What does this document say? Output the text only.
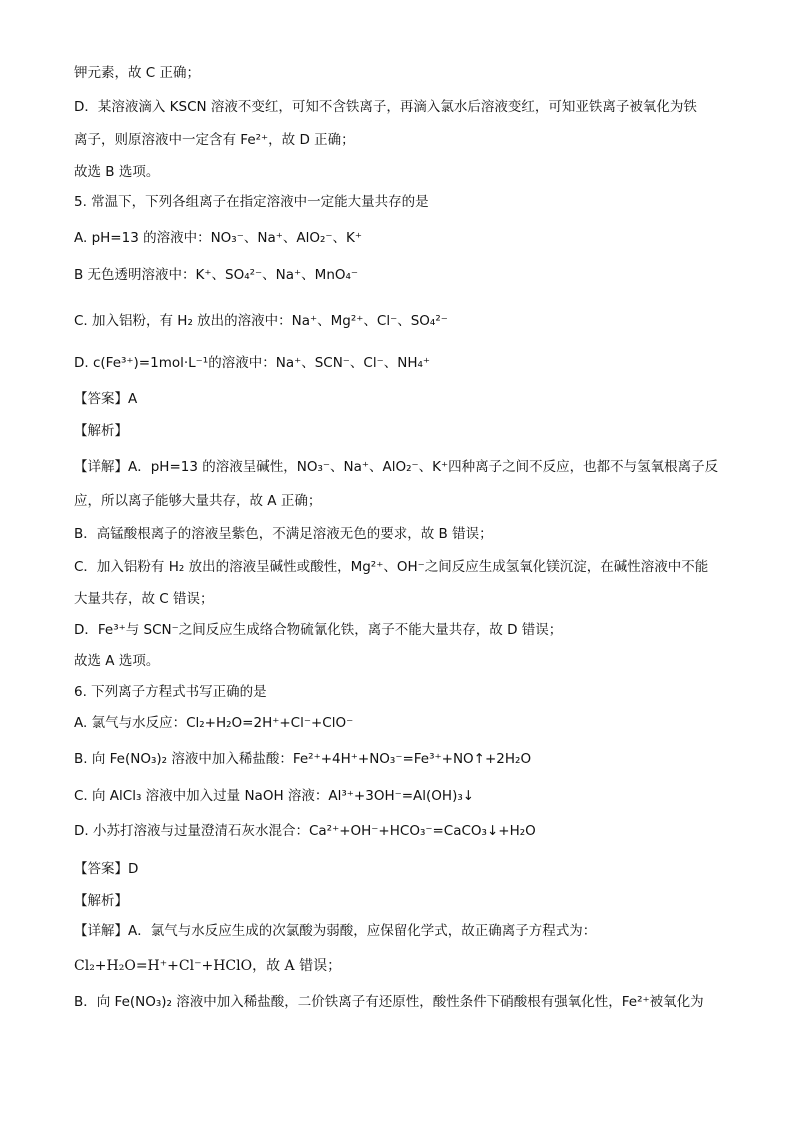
钾元素，故 C 正确；
D．某溶液滴入 KSCN 溶液不变红，可知不含铁离子，再滴入氯水后溶液变红，可知亚铁离子被氧化为铁
离子，则原溶液中一定含有 Fe²⁺，故 D 正确；
故选 B 选项。
5. 常温下，下列各组离子在指定溶液中一定能大量共存的是
A. pH=13 的溶液中：NO₃⁻、Na⁺、AlO₂⁻、K⁺
B 无色透明溶液中：K⁺、SO₄²⁻、Na⁺、MnO₄⁻
C. 加入铝粉，有 H₂ 放出的溶液中：Na⁺、Mg²⁺、Cl⁻、SO₄²⁻
D. c(Fe³⁺)=1mol·L⁻¹的溶液中：Na⁺、SCN⁻、Cl⁻、NH₄⁺
【答案】A
【解析】
【详解】A．pH=13 的溶液呈碱性，NO₃⁻、Na⁺、AlO₂⁻、K⁺四种离子之间不反应，也都不与氢氧根离子反
应，所以离子能够大量共存，故 A 正确；
B．高锰酸根离子的溶液呈紫色，不满足溶液无色的要求，故 B 错误；
C．加入铝粉有 H₂ 放出的溶液呈碱性或酸性，Mg²⁺、OH⁻之间反应生成氢氧化镁沉淀，在碱性溶液中不能
大量共存，故 C 错误；
D．Fe³⁺与 SCN⁻之间反应生成络合物硫氰化铁，离子不能大量共存，故 D 错误；
故选 A 选项。
6. 下列离子方程式书写正确的是
A. 氯气与水反应：Cl₂+H₂O=2H⁺+Cl⁻+ClO⁻
B. 向 Fe(NO₃)₂ 溶液中加入稀盐酸：Fe²⁺+4H⁺+NO₃⁻=Fe³⁺+NO↑+2H₂O
C. 向 AlCl₃ 溶液中加入过量 NaOH 溶液：Al³⁺+3OH⁻=Al(OH)₃↓
D. 小苏打溶液与过量澄清石灰水混合：Ca²⁺+OH⁻+HCO₃⁻=CaCO₃↓+H₂O
【答案】D
【解析】
【详解】A．氯气与水反应生成的次氯酸为弱酸，应保留化学式，故正确离子方程式为：
Cl₂+H₂O=H⁺+Cl⁻+HClO，故 A 错误；
B．向 Fe(NO₃)₂ 溶液中加入稀盐酸，二价铁离子有还原性，酸性条件下硝酸根有强氧化性，Fe²⁺被氧化为
